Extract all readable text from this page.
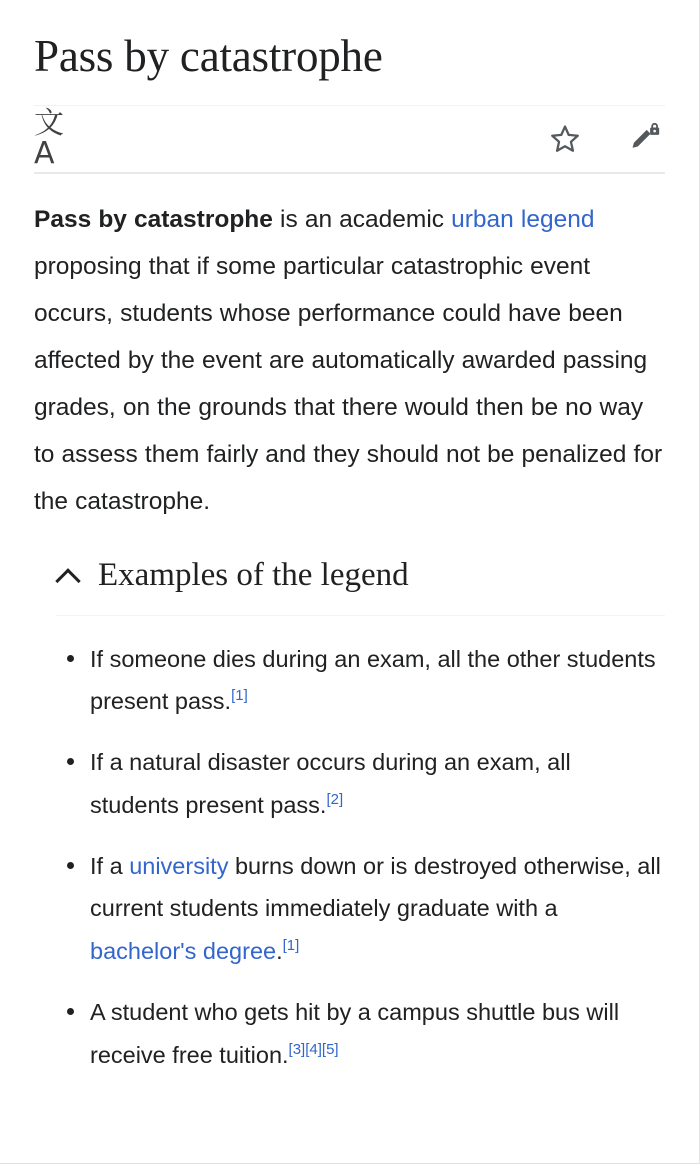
Pass by catastrophe
文A

Pass by catastrophe is an academic urban legend proposing that if some particular catastrophic event occurs, students whose performance could have been affected by the event are automatically awarded passing grades, on the grounds that there would then be no way to assess them fairly and they should not be penalized for the catastrophe.

Examples of the legend
If someone dies during an exam, all the other students present pass.[1]
If a natural disaster occurs during an exam, all students present pass.[2]
If a university burns down or is destroyed otherwise, all current students immediately graduate with a bachelor's degree.[1]
A student who gets hit by a campus shuttle bus will receive free tuition.[3][4][5]
